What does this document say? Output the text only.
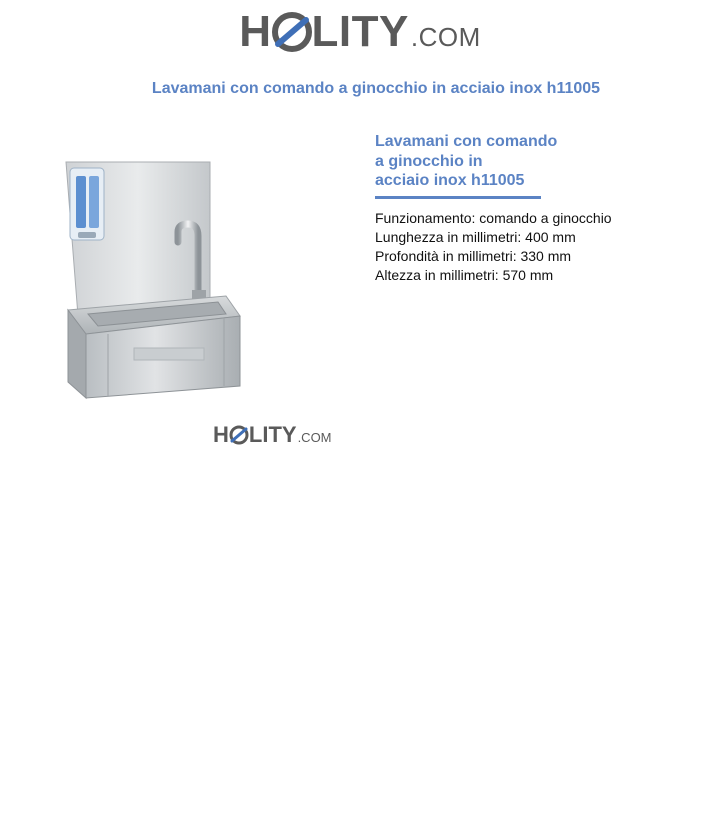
H LITY .COM
Lavamani con comando a ginocchio in acciaio inox h11005
H LITY .COM
Lavamani con comando
a ginocchio in
acciaio inox h11005
Funzionamento: comando a ginocchio
Lunghezza in millimetri: 400 mm
Profondità in millimetri: 330 mm
Altezza in millimetri: 570 mm
